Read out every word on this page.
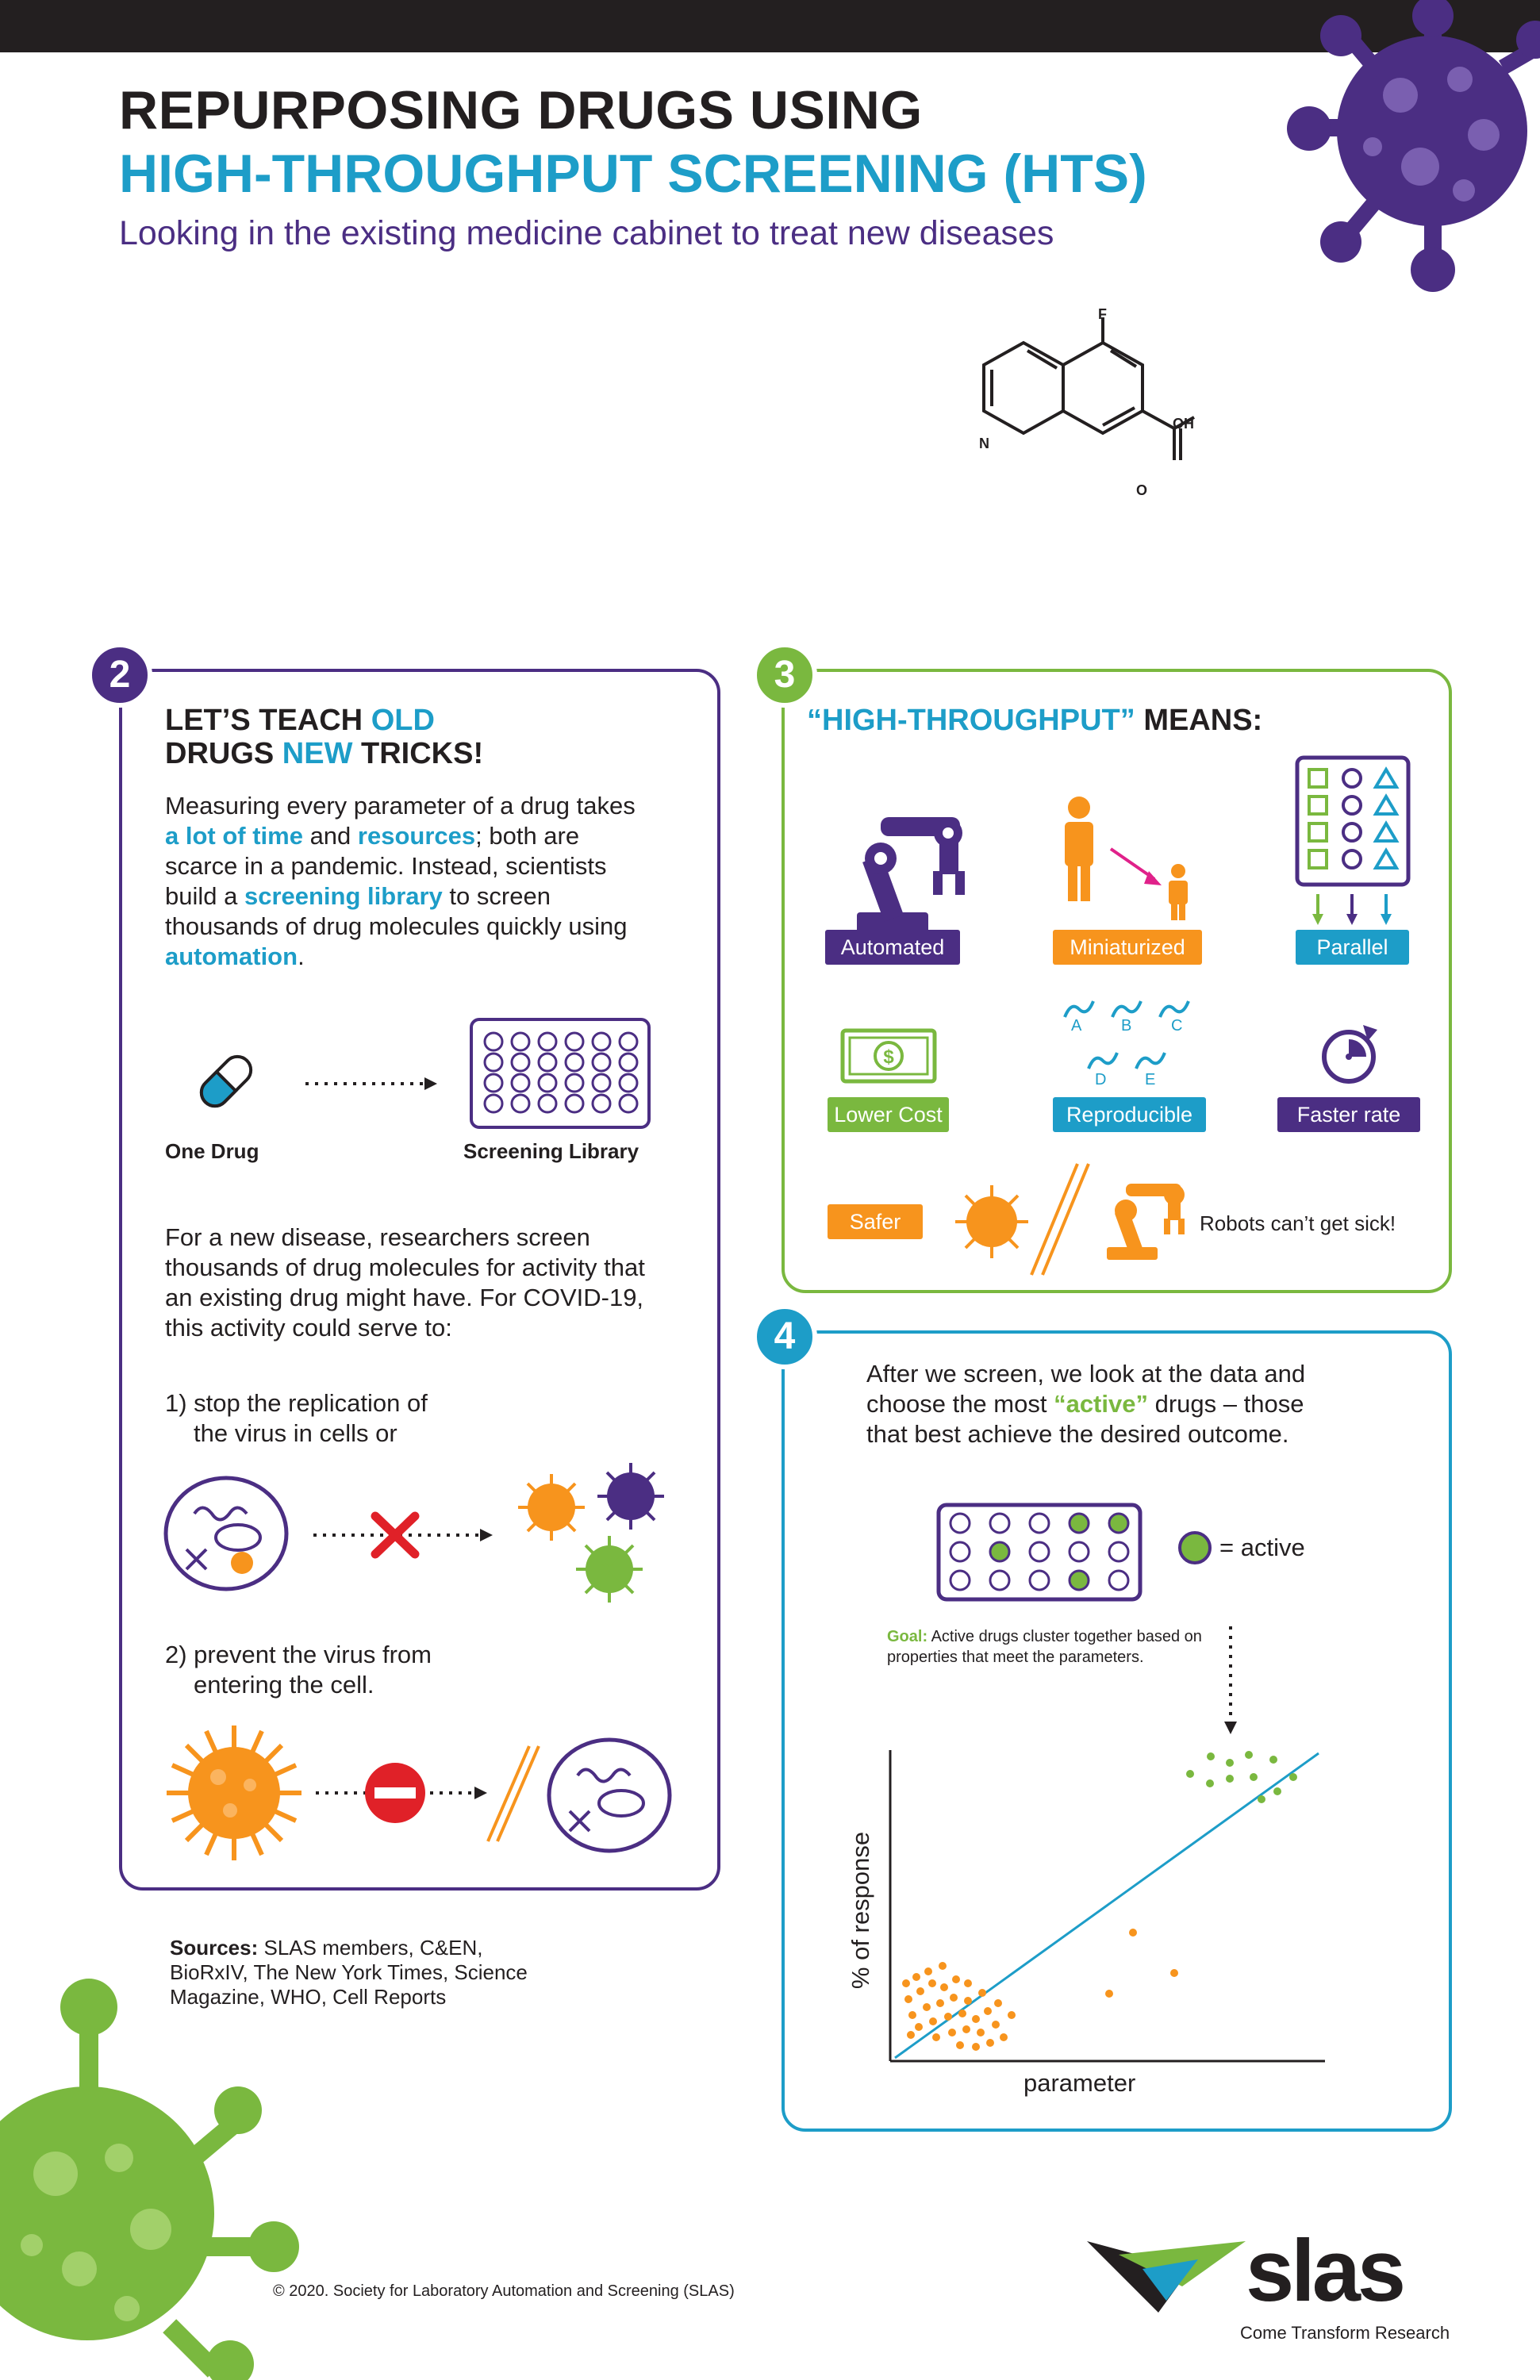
REPURPOSING DRUGS USING
HIGH-THROUGHPUT SCREENING (HTS)
Looking in the existing medicine cabinet to treat new diseases
F
N
OH
O
2
LET’S TEACH OLD
DRUGS NEW TRICKS!
Measuring every parameter of a drug takes a lot of time and resources; both are scarce in a pandemic. Instead, scientists build a screening library to screen thousands of drug molecules quickly using automation.
One Drug	Screening Library
For a new disease, researchers screen thousands of drug molecules for activity that an existing drug might have. For COVID-19, this activity could serve to:
1) stop the replication of
the virus in cells or
2) prevent the virus from
entering the cell.
3
“HIGH-THROUGHPUT” MEANS:
Automated	Miniaturized	Parallel
$
Lower Cost
A B C
D E
Reproducible	Faster rate
Safer	Robots can’t get sick!
4
After we screen, we look at the data and choose the most “active” drugs – those that best achieve the desired outcome.
= active
Goal: Active drugs cluster together based on properties that meet the parameters.
% of response
parameter
Sources: SLAS members, C&EN, BioRxIV, The New York Times, Science Magazine, WHO, Cell Reports
© 2020. Society for Laboratory Automation and Screening (SLAS)	slas
Come Transform Research
